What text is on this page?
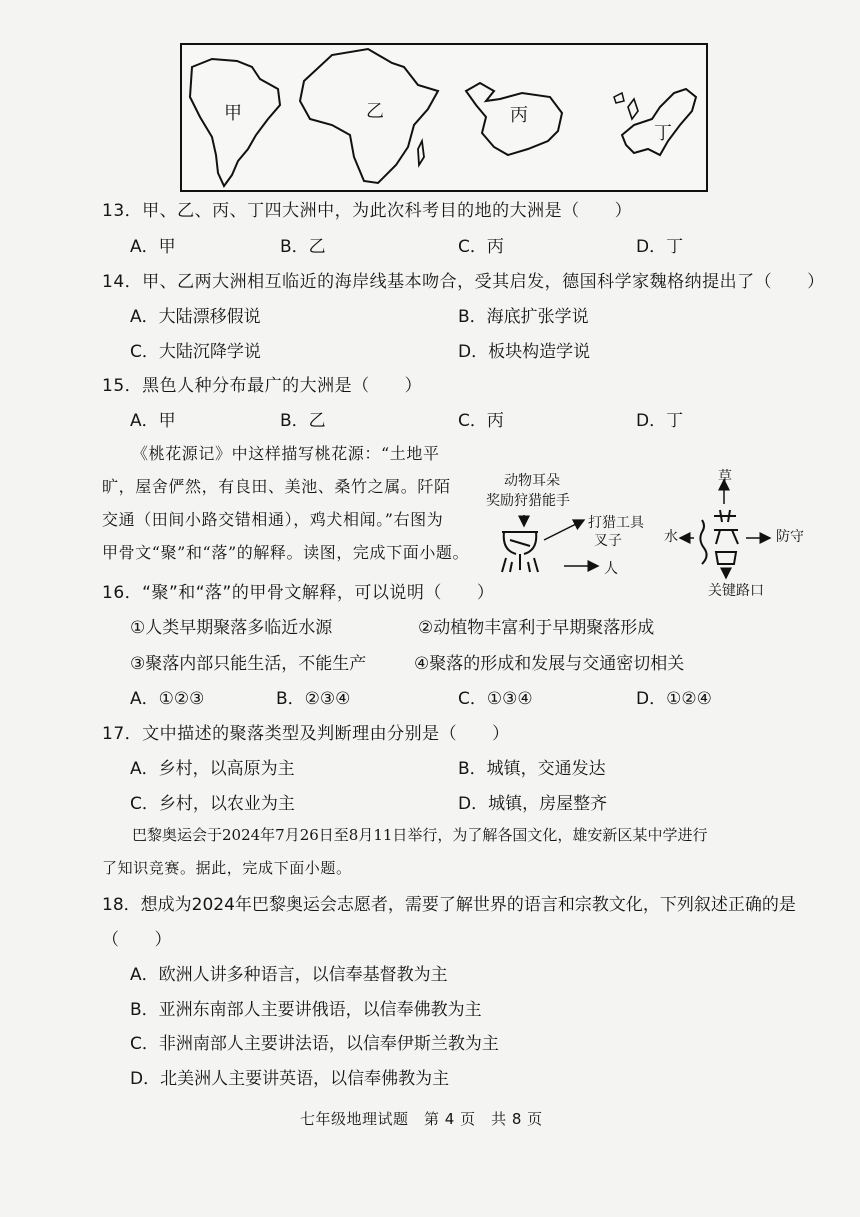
甲	乙	丙
丁
13．甲、乙、丙、丁四大洲中，为此次科考目的地的大洲是（　　）
A．甲	B．乙	C．丙	D．丁
14．甲、乙两大洲相互临近的海岸线基本吻合，受其启发，德国科学家魏格纳提出了（　　）
A．大陆漂移假说	B．海底扩张学说
C．大陆沉降学说	D．板块构造学说
15．黑色人种分布最广的大洲是（　　）
A．甲	B．乙	C．丙	D．丁
《桃花源记》中这样描写桃花源：“土地平
旷，屋舍俨然，有良田、美池、桑竹之属。阡陌
交通（田间小路交错相通），鸡犬相闻。”右图为
甲骨文“聚”和“落”的解释。读图，完成下面小题。
动物耳朵
奖励狩猎能手
打猎工具
叉子
人
草
水	防守
关键路口
16．“聚”和“落”的甲骨文解释，可以说明（　　）
①人类早期聚落多临近水源	②动植物丰富利于早期聚落形成
③聚落内部只能生活，不能生产	④聚落的形成和发展与交通密切相关
A．①②③	B．②③④	C．①③④	D．①②④
17．文中描述的聚落类型及判断理由分别是（　　）
A．乡村，以高原为主	B．城镇，交通发达
C．乡村，以农业为主	D．城镇，房屋整齐
巴黎奥运会于2024年7月26日至8月11日举行，为了解各国文化，雄安新区某中学进行
了知识竞赛。据此，完成下面小题。
18．想成为2024年巴黎奥运会志愿者，需要了解世界的语言和宗教文化，下列叙述正确的是
（　　）
A．欧洲人讲多种语言，以信奉基督教为主
B．亚洲东南部人主要讲俄语，以信奉佛教为主
C．非洲南部人主要讲法语，以信奉伊斯兰教为主
D．北美洲人主要讲英语，以信奉佛教为主
七年级地理试题　第 4 页　共 8 页
